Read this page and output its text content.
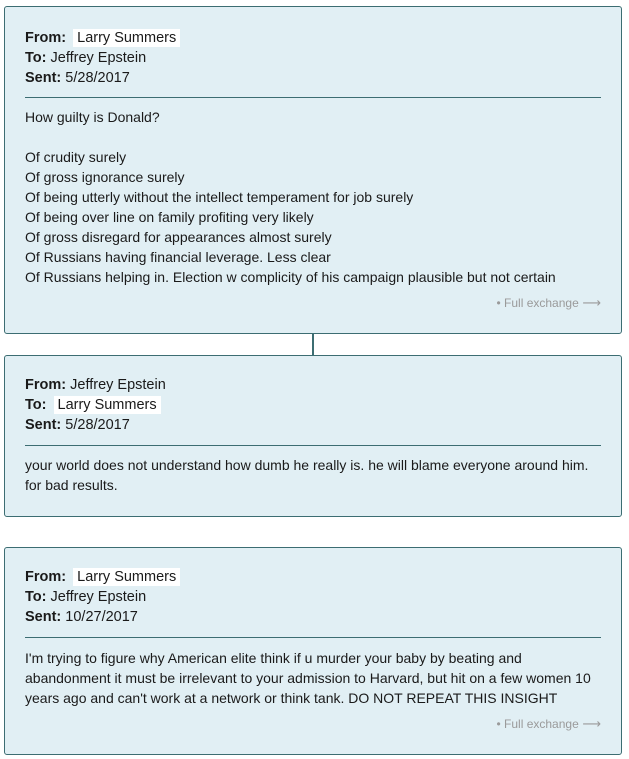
From: Larry Summers
To: Jeffrey Epstein
Sent: 5/28/2017

How guilty is Donald?

Of crudity surely

Of gross ignorance surely

Of being utterly without the intellect temperament for job surely

Of being over line on family profiting very likely

Of gross disregard for appearances almost surely

Of Russians having financial leverage. Less clear

Of Russians helping in. Election w complicity of his campaign plausible but not certain

• Full exchange ⟶
From: Jeffrey Epstein
To: Larry Summers
Sent: 5/28/2017

your world does not understand how dumb he really is. he will blame everyone around him. for bad results.

From: Larry Summers
To: Jeffrey Epstein
Sent: 10/27/2017

I'm trying to figure why American elite think if u murder your baby by beating and abandonment it must be irrelevant to your admission to Harvard, but hit on a few women 10 years ago and can't work at a network or think tank. DO NOT REPEAT THIS INSIGHT

• Full exchange ⟶
